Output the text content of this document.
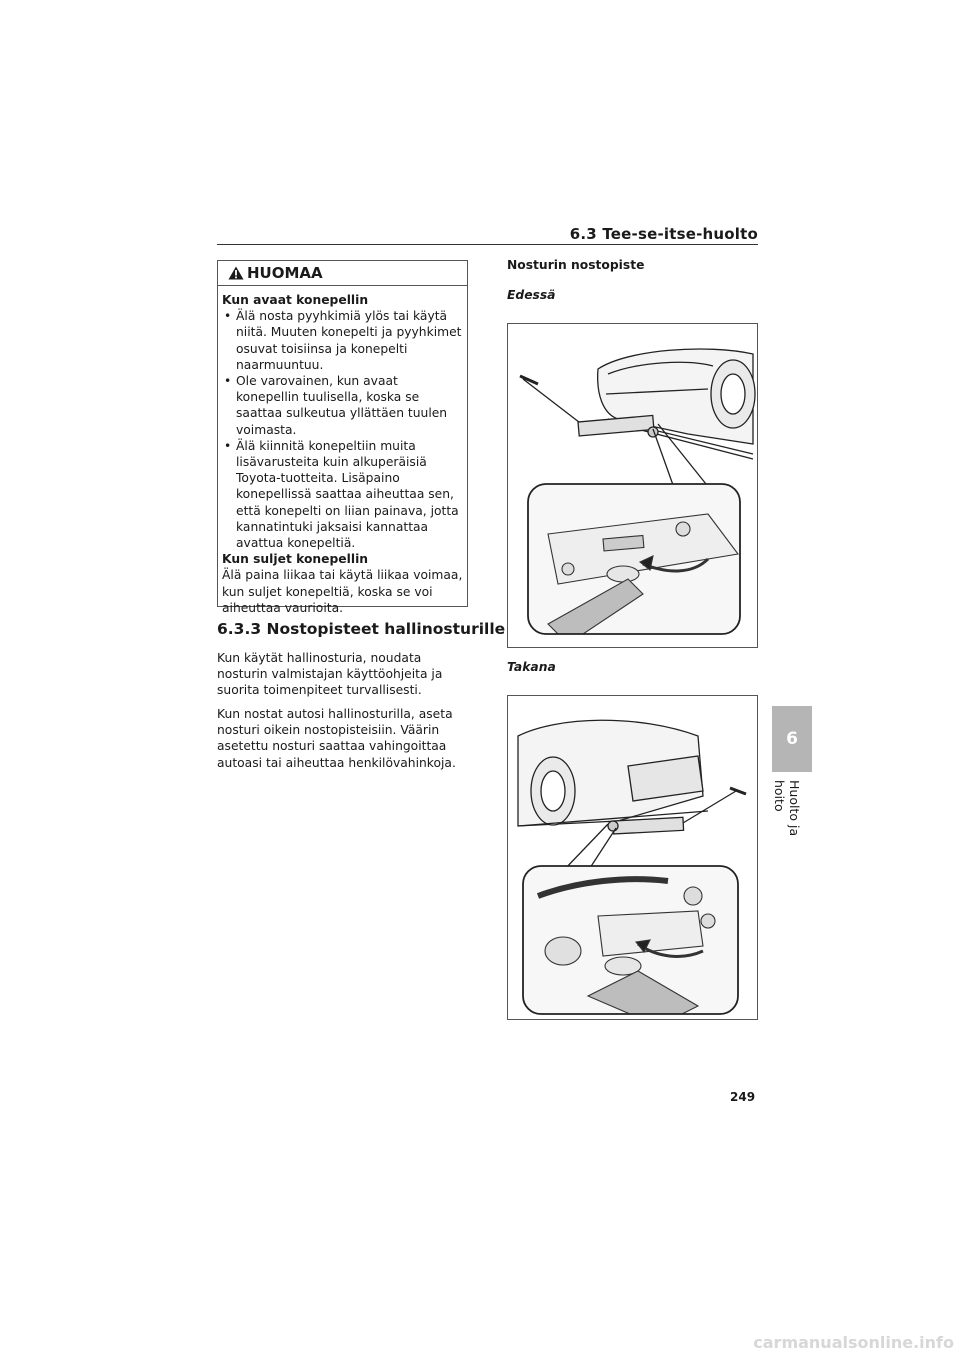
6.3 Tee-se-itse-huolto
HUOMAA
Kun avaat konepellin
• Älä nosta pyyhkimiä ylös tai käytä niitä. Muuten konepelti ja pyyhkimet osuvat toisiinsa ja konepelti naarmuuntuu.
• Ole varovainen, kun avaat konepellin tuulisella, koska se saattaa sulkeutua yllättäen tuulen voimasta.
• Älä kiinnitä konepeltiin muita lisävarusteita kuin alkuperäisiä Toyota-tuotteita. Lisäpaino konepellissä saattaa aiheuttaa sen, että konepelti on liian painava, jotta kannatintuki jaksaisi kannattaa avattua konepeltiä.
Kun suljet konepellin
Älä paina liikaa tai käytä liikaa voimaa, kun suljet konepeltiä, koska se voi aiheuttaa vaurioita.
6.3.3 Nostopisteet hallinosturille
Kun käytät hallinosturia, noudata nosturin valmistajan käyttöohjeita ja suorita toimenpiteet turvallisesti.
Kun nostat autosi hallinosturilla, aseta nosturi oikein nostopisteisiin. Väärin asetettu nosturi saattaa vahingoittaa autoasi tai aiheuttaa henkilövahinkoja.
Nosturin nostopiste
Edessä
Takana
6
Huolto ja hoito
249
carmanualsonline.info
